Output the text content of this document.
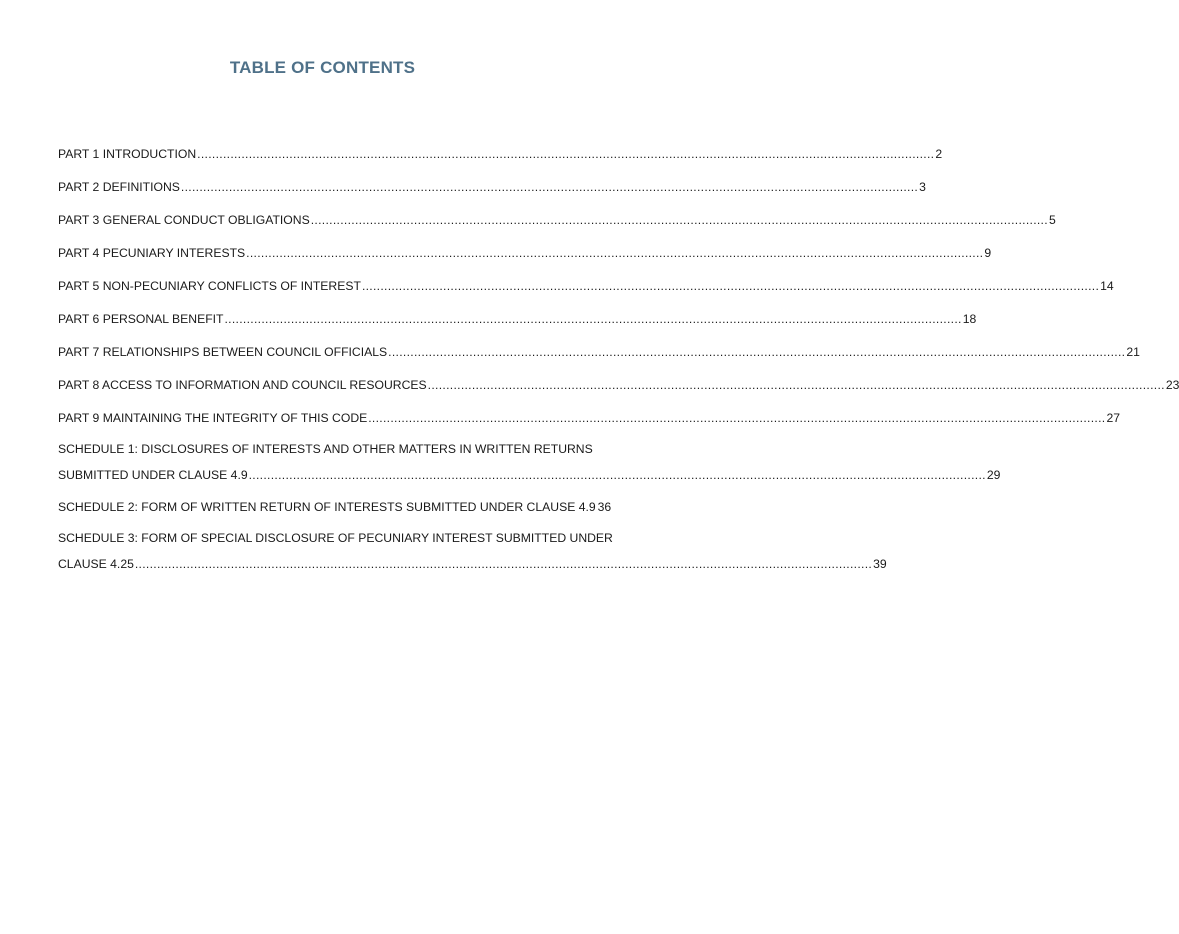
TABLE OF CONTENTS
PART 1 INTRODUCTION ........................................................................................................................................................................................................ 2
PART 2 DEFINITIONS ........................................................................................................................................................................................................ 3
PART 3 GENERAL CONDUCT OBLIGATIONS ........................................................................................................................................................................................................ 5
PART 4 PECUNIARY INTERESTS ........................................................................................................................................................................................................ 9
PART 5 NON-PECUNIARY CONFLICTS OF INTEREST ........................................................................................................................................................................................................ 14
PART 6 PERSONAL BENEFIT ........................................................................................................................................................................................................ 18
PART 7 RELATIONSHIPS BETWEEN COUNCIL OFFICIALS ........................................................................................................................................................................................................ 21
PART 8 ACCESS TO INFORMATION AND COUNCIL RESOURCES ........................................................................................................................................................................................................ 23
PART 9 MAINTAINING THE INTEGRITY OF THIS CODE ........................................................................................................................................................................................................ 27
SCHEDULE 1: DISCLOSURES OF INTERESTS AND OTHER MATTERS IN WRITTEN RETURNS
SUBMITTED UNDER CLAUSE 4.9 ........................................................................................................................................................................................................ 29
SCHEDULE 2: FORM OF WRITTEN RETURN OF INTERESTS SUBMITTED UNDER CLAUSE 4.9 36
SCHEDULE 3: FORM OF SPECIAL DISCLOSURE OF PECUNIARY INTEREST SUBMITTED UNDER
CLAUSE 4.25 ........................................................................................................................................................................................................ 39
